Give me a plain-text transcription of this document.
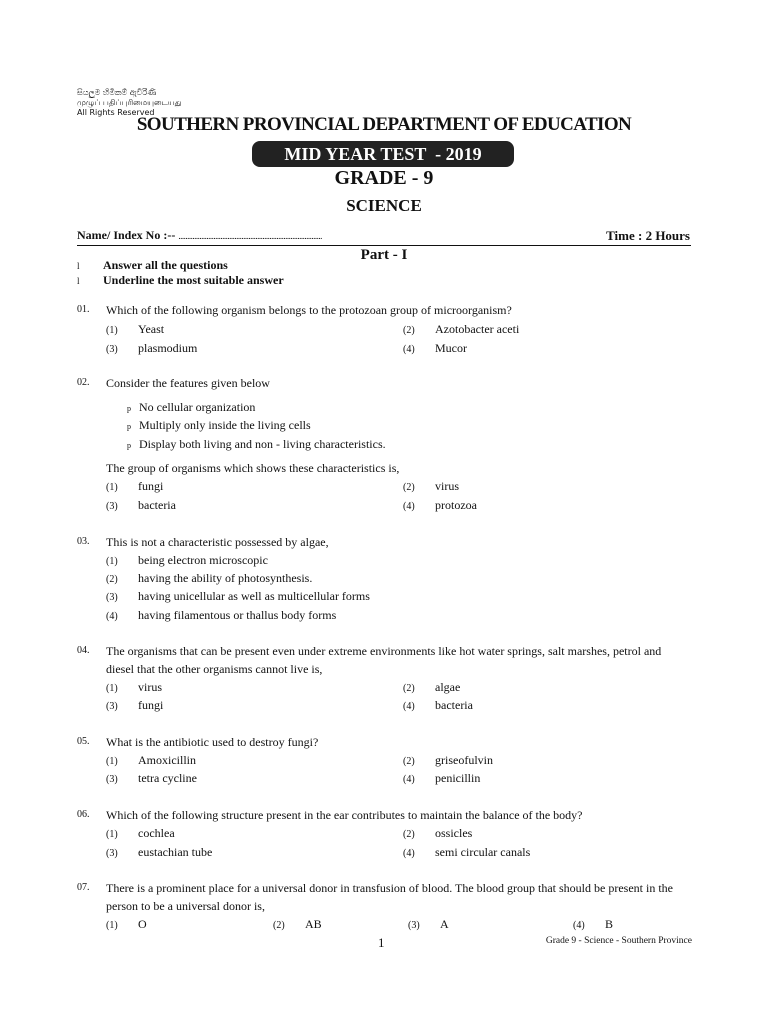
සියලුම හිමිකම් ඇවිරිණි
முழுப் பதிப்புரிமையுடையது
All Rights Reserved
SOUTHERN PROVINCIAL DEPARTMENT OF EDUCATION
MID YEAR TEST  - 2019
GRADE - 9
SCIENCE
Name/ Index No :-- ..................................................................................	Time : 2 Hours
Part - I
l Answer all the questions
l Underline the most suitable answer
01. Which of the following organism belongs to the protozoan group of microorganism?
(1) Yeast	(2) Azotobacter aceti
(3) plasmodium	(4) Mucor
02. Consider the features given below
p No cellular organization
p Multiply only inside the living cells
p Display both living and non - living characteristics.
The group of organisms which shows these characteristics is,
(1) fungi	(2) virus
(3) bacteria	(4) protozoa
03. This is not a characteristic possessed by algae,
(1) being electron microscopic
(2) having the ability of photosynthesis.
(3) having unicellular as well as multicellular forms
(4) having filamentous or thallus body forms
04. The organisms that can be present even under extreme environments like hot water springs, salt marshes, petrol and diesel that the other organisms cannot live is,
(1) virus	(2) algae
(3) fungi	(4) bacteria
05. What is the antibiotic used to destroy fungi?
(1) Amoxicillin	(2) griseofulvin
(3) tetra cycline	(4) penicillin
06. Which of the following structure present in the ear contributes to maintain the balance of the body?
(1) cochlea	(2) ossicles
(3) eustachian tube	(4) semi circular canals
07. There is a prominent place for a universal donor in transfusion of blood. The blood group that should be present in the person to be a universal donor is,
(1) O	(2) AB	(3) A	(4) B
1	Grade 9 - Science - Southern Province
